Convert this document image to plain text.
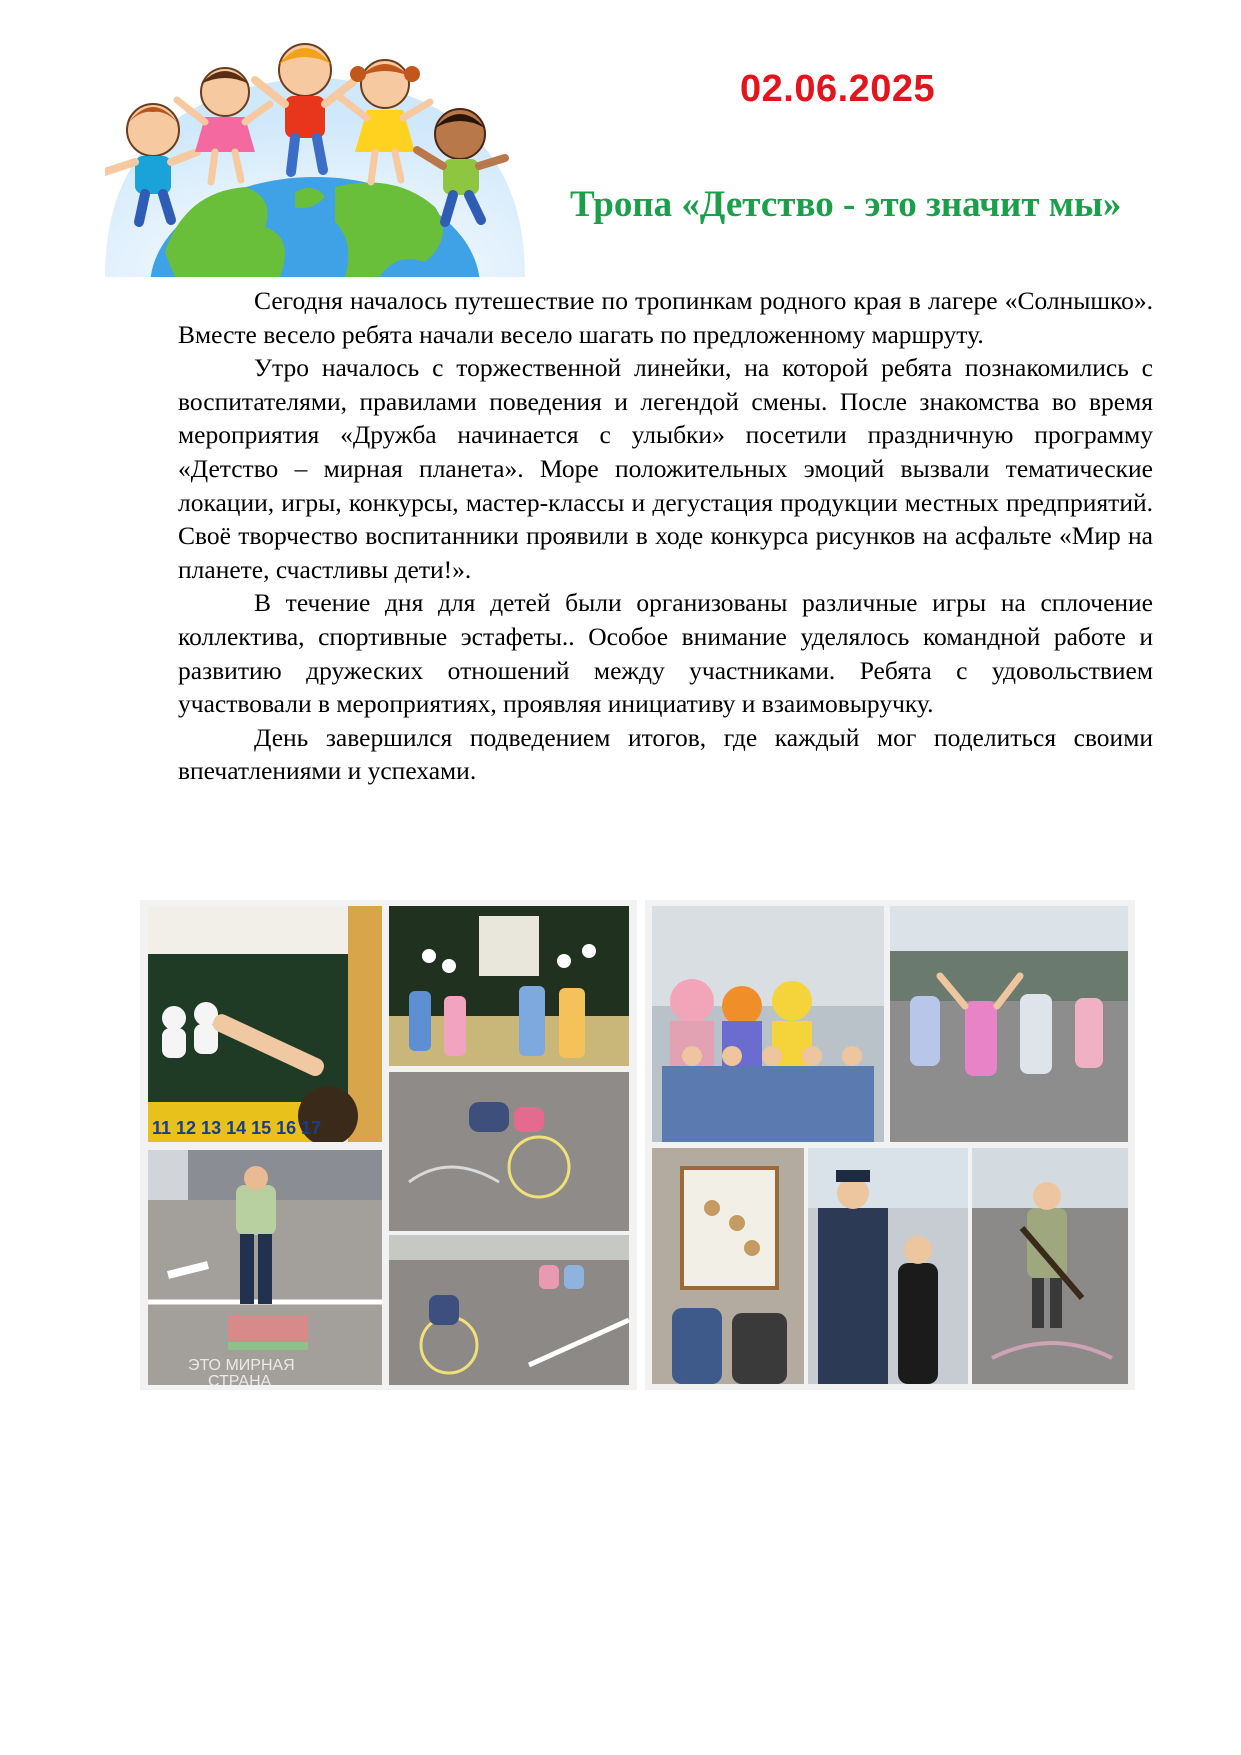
02.06.2025
Тропа «Детство - это значит мы»

Сегодня началось путешествие по тропинкам родного края в лагере «Солнышко». Вместе весело ребята начали весело шагать по предложенному маршруту.

Утро началось с торжественной линейки, на которой ребята познакомились с воспитателями, правилами поведения и легендой смены. После знакомства во время мероприятия «Дружба начинается с улыбки» посетили праздничную программу «Детство – мирная планета». Море положительных эмоций вызвали тематические локации, игры, конкурсы, мастер-классы и дегустация продукции местных предприятий. Своё творчество воспитанники проявили в ходе конкурса рисунков на асфальте «Мир на планете, счастливы дети!».

В течение дня для детей были организованы различные игры на сплочение коллектива, спортивные эстафеты.. Особое внимание уделялось командной работе и развитию дружеских отношений между участниками. Ребята с удовольствием участвовали в мероприятиях, проявляя инициативу и взаимовыручку.

День завершился подведением итогов, где каждый мог поделиться своими впечатлениями и успехами.

11 12 13 14 15 16 17
ЭТО МИРНАЯ
СТРАНА
